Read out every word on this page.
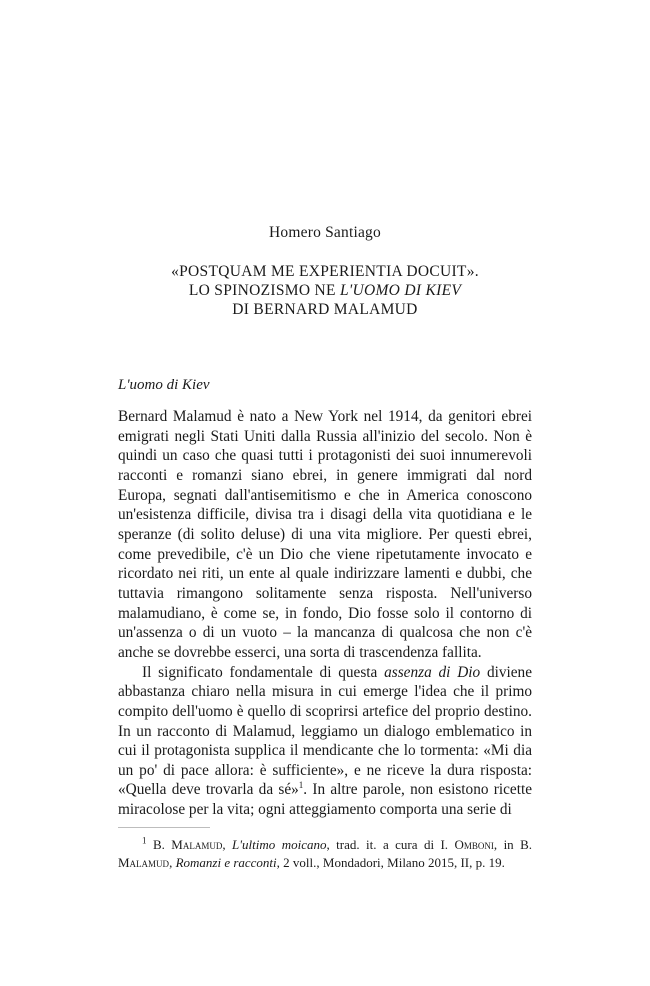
Homero Santiago
«POSTQUAM ME EXPERIENTIA DOCUIT».
LO SPINOZISMO NE L'UOMO DI KIEV
DI BERNARD MALAMUD
L'uomo di Kiev

Bernard Malamud è nato a New York nel 1914, da genitori ebrei emigrati negli Stati Uniti dalla Russia all'inizio del secolo. Non è quindi un caso che quasi tutti i protagonisti dei suoi innumerevoli racconti e romanzi siano ebrei, in genere immigrati dal nord Europa, segnati dall'antisemitismo e che in America conoscono un'esistenza difficile, divisa tra i disagi della vita quotidiana e le speranze (di solito deluse) di una vita migliore. Per questi ebrei, come prevedibile, c'è un Dio che viene ripetutamente invocato e ricordato nei riti, un ente al quale indirizzare lamenti e dubbi, che tuttavia rimangono solitamente senza risposta. Nell'universo malamudiano, è come se, in fondo, Dio fosse solo il contorno di un'assenza o di un vuoto – la mancanza di qualcosa che non c'è anche se dovrebbe esserci, una sorta di trascendenza fallita.

Il significato fondamentale di questa assenza di Dio diviene abbastanza chiaro nella misura in cui emerge l'idea che il primo compito dell'uomo è quello di scoprirsi artefice del proprio destino. In un racconto di Malamud, leggiamo un dialogo emblematico in cui il protagonista supplica il mendicante che lo tormenta: «Mi dia un po' di pace allora: è sufficiente», e ne riceve la dura risposta: «Quella deve trovarla da sé»$^1$. In altre parole, non esistono ricette miracolose per la vita; ogni atteggiamento comporta una serie di

$^1$ B. Malamud, L'ultimo moicano, trad. it. a cura di I. Omboni, in B. Malamud, Romanzi e racconti, 2 voll., Mondadori, Milano 2015, II, p. 19.
